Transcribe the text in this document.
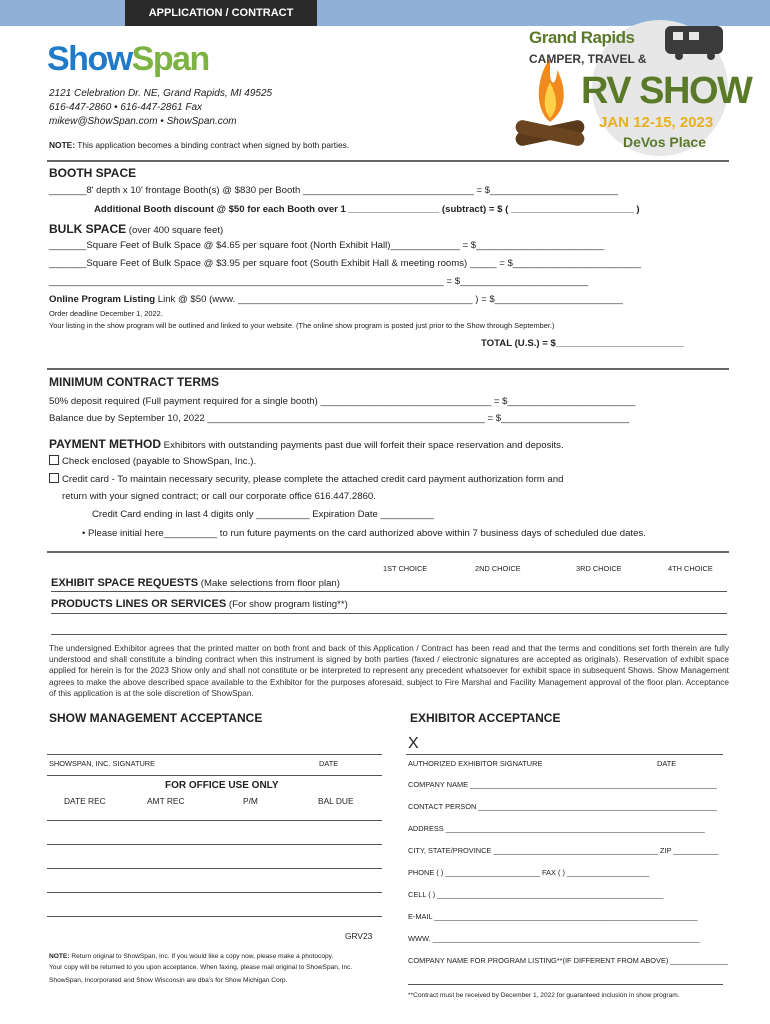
APPLICATION / CONTRACT
ShowSpan
2121 Celebration Dr. NE, Grand Rapids, MI 49525
616-447-2860 • 616-447-2861 Fax
mikew@ShowSpan.com • ShowSpan.com
NOTE: This application becomes a binding contract when signed by both parties.
Grand Rapids
CAMPER, TRAVEL &
RV SHOW
JAN 12-15, 2023
DeVos Place
BOOTH SPACE
_______8' depth x 10' frontage Booth(s) @ $830 per Booth ________________________________ = $________________________
Additional Booth discount @ $50 for each Booth over 1 _________________ (subtract) = $ ( _______________________ )
BULK SPACE (over 400 square feet)
_______Square Feet of Bulk Space @ $4.65 per square foot (North Exhibit Hall)_____________ = $________________________
_______Square Feet of Bulk Space @ $3.95 per square foot (South Exhibit Hall & meeting rooms) _____ = $________________________
__________________________________________________________________________ = $________________________
Online Program Listing Link @ $50 (www. ____________________________________________ ) = $________________________
Order deadline December 1, 2022.
Your listing in the show program will be outlined and linked to your website. (The online show program is posted just prior to the Show through September.)
TOTAL (U.S.) = $________________________
MINIMUM CONTRACT TERMS
50% deposit required (Full payment required for a single booth) ________________________________ = $________________________
Balance due by September 10, 2022 ____________________________________________________ = $________________________
PAYMENT METHOD Exhibitors with outstanding payments past due will forfeit their space reservation and deposits.
Check enclosed (payable to ShowSpan, Inc.).
Credit card - To maintain necessary security, please complete the attached credit card payment authorization form and
return with your signed contract; or call our corporate office 616.447.2860.
Credit Card ending in last 4 digits only __________ Expiration Date __________
• Please initial here__________ to run future payments on the card authorized above within 7 business days of scheduled due dates.
1ST CHOICE	2ND CHOICE	3RD CHOICE	4TH CHOICE
EXHIBIT SPACE REQUESTS (Make selections from floor plan)
PRODUCTS LINES OR SERVICES (For show program listing**)
The undersigned Exhibitor agrees that the printed matter on both front and back of this Application / Contract has been read and that the terms and conditions set forth therein are fully understood and shall constitute a binding contract when this instrument is signed by both parties (faxed / electronic signatures are accepted as originals). Reservation of exhibit space applied for herein is for the 2023 Show only and shall not constitute or be interpreted to represent any precedent whatsoever for exhibit space in subsequent Shows. Show Management agrees to make the above described space available to the Exhibitor for the purposes aforesaid, subject to Fire Marshal and Facility Management approval of the floor plan. Acceptance of this application is at the sole discretion of ShowSpan.
SHOW MANAGEMENT ACCEPTANCE
SHOWSPAN, INC. SIGNATURE	DATE
FOR OFFICE USE ONLY
DATE REC	AMT REC	P/M	BAL DUE
GRV23
NOTE: Return original to ShowSpan, Inc. If you would like a copy now, please make a photocopy.
Your copy will be returned to you upon acceptance. When faxing, please mail original to ShowSpan, Inc.
ShowSpan, Incorporated and Show Wisconsin are dba's for Show Michigan Corp.
EXHIBITOR ACCEPTANCE
X
AUTHORIZED EXHIBITOR SIGNATURE	DATE
COMPANY NAME ____________________________________________________________
CONTACT PERSON __________________________________________________________
ADDRESS _______________________________________________________________
CITY, STATE/PROVINCE ________________________________________ ZIP ___________
PHONE ( ) _______________________ FAX ( ) ____________________
CELL ( ) _______________________________________________________
E-MAIL ________________________________________________________________
WWW. _________________________________________________________________
COMPANY NAME FOR PROGRAM LISTING**(IF DIFFERENT FROM ABOVE) ______________
**Contract must be received by December 1, 2022 for guaranteed inclusion in show program.
